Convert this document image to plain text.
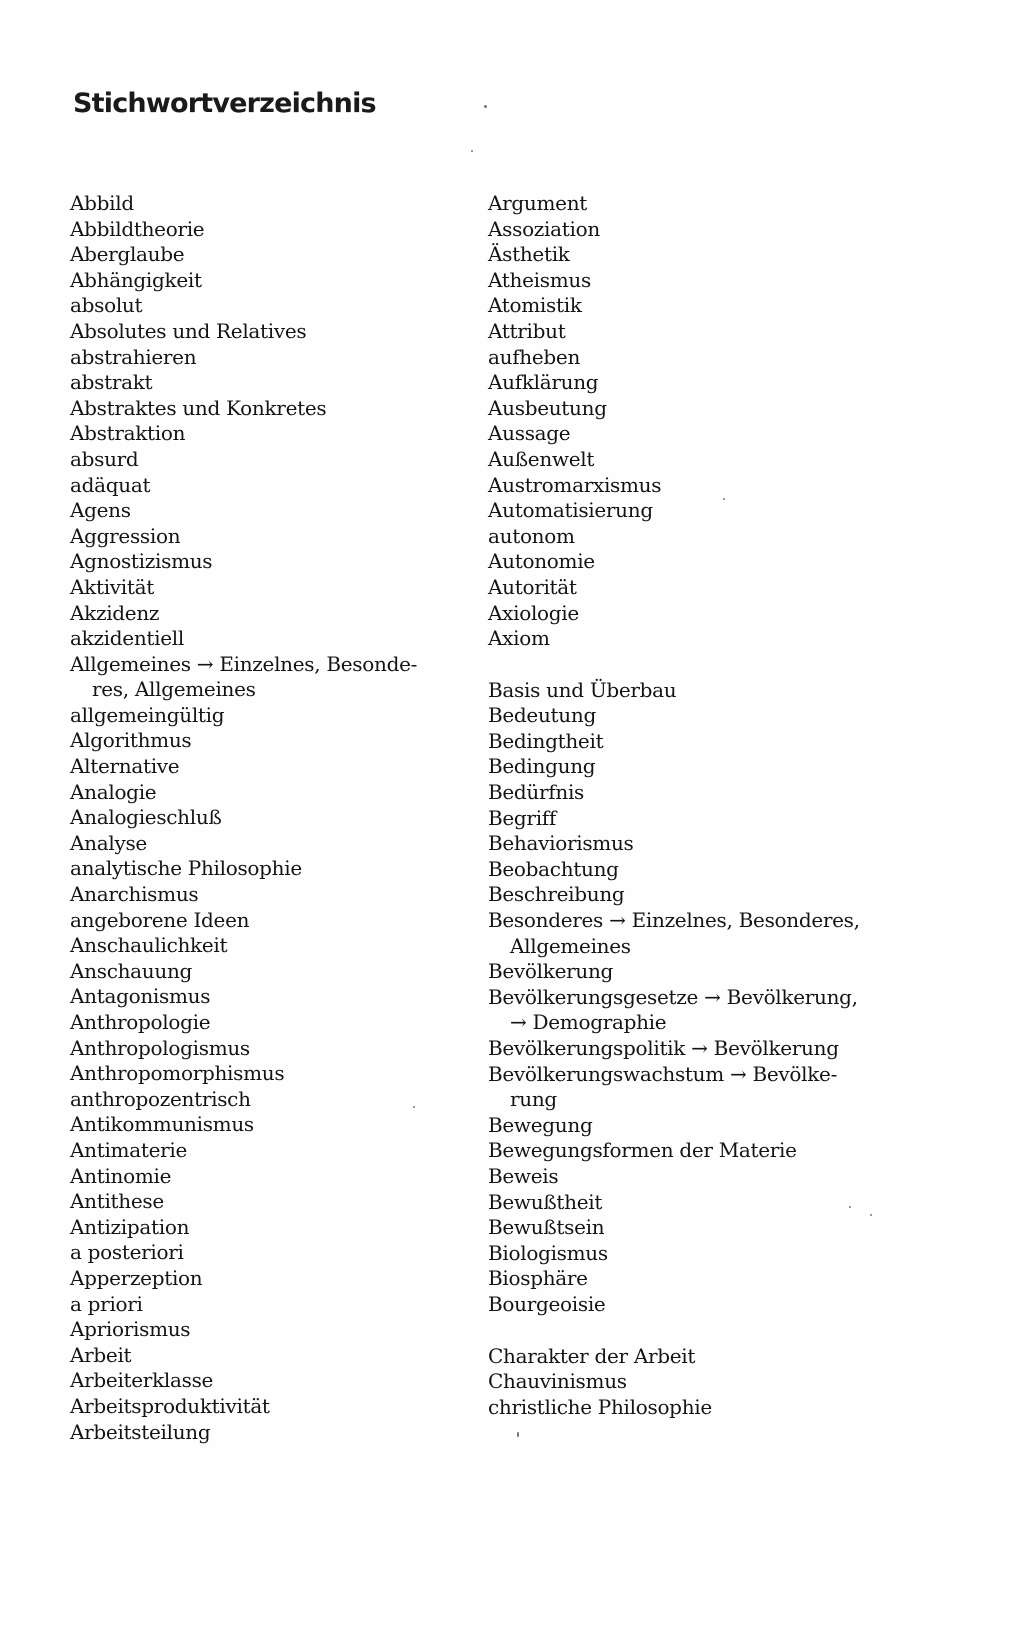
Stichwortverzeichnis
Abbild
Abbildtheorie
Aberglaube
Abhängigkeit
absolut
Absolutes und Relatives
abstrahieren
abstrakt
Abstraktes und Konkretes
Abstraktion
absurd
adäquat
Agens
Aggression
Agnostizismus
Aktivität
Akzidenz
akzidentiell
Allgemeines → Einzelnes, Besonde-
res, Allgemeines
allgemeingültig
Algorithmus
Alternative
Analogie
Analogieschluß
Analyse
analytische Philosophie
Anarchismus
angeborene Ideen
Anschaulichkeit
Anschauung
Antagonismus
Anthropologie
Anthropologismus
Anthropomorphismus
anthropozentrisch
Antikommunismus
Antimaterie
Antinomie
Antithese
Antizipation
a posteriori
Apperzeption
a priori
Apriorismus
Arbeit
Arbeiterklasse
Arbeitsproduktivität
Arbeitsteilung
Argument
Assoziation
Ästhetik
Atheismus
Atomistik
Attribut
aufheben
Aufklärung
Ausbeutung
Aussage
Außenwelt
Austromarxismus
Automatisierung
autonom
Autonomie
Autorität
Axiologie
Axiom
Basis und Überbau
Bedeutung
Bedingtheit
Bedingung
Bedürfnis
Begriff
Behaviorismus
Beobachtung
Beschreibung
Besonderes → Einzelnes, Besonderes,
Allgemeines
Bevölkerung
Bevölkerungsgesetze → Bevölkerung,
→ Demographie
Bevölkerungspolitik → Bevölkerung
Bevölkerungswachstum → Bevölke-
rung
Bewegung
Bewegungsformen der Materie
Beweis
Bewußtheit
Bewußtsein
Biologismus
Biosphäre
Bourgeoisie
Charakter der Arbeit
Chauvinismus
christliche Philosophie
